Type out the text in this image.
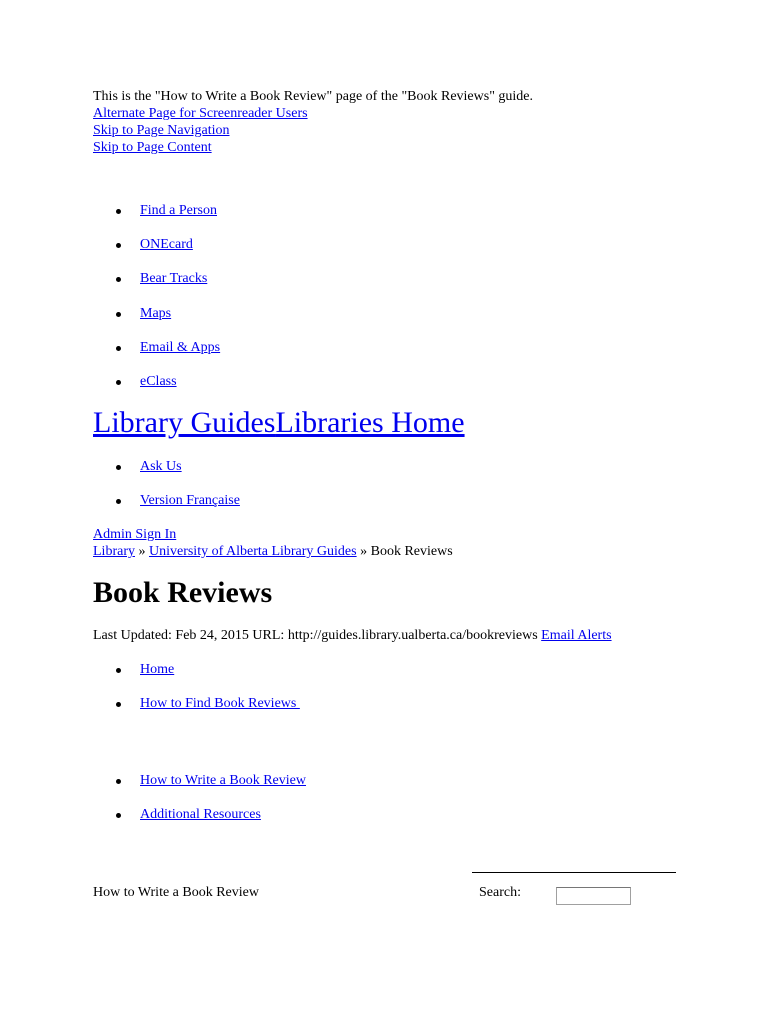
This is the "How to Write a Book Review" page of the "Book Reviews" guide.
Alternate Page for Screenreader Users
Skip to Page Navigation
Skip to Page Content
Find a Person
ONEcard
Bear Tracks
Maps
Email & Apps
eClass
Library GuidesLibraries Home
Ask Us
Version Française
Admin Sign In
Library » University of Alberta Library Guides » Book Reviews
Book Reviews
Last Updated: Feb 24, 2015 URL: http://guides.library.ualberta.ca/bookreviews Email Alerts
Home
How to Find Book Reviews
How to Write a Book Review
Additional Resources
How to Write a Book Review	Search:
